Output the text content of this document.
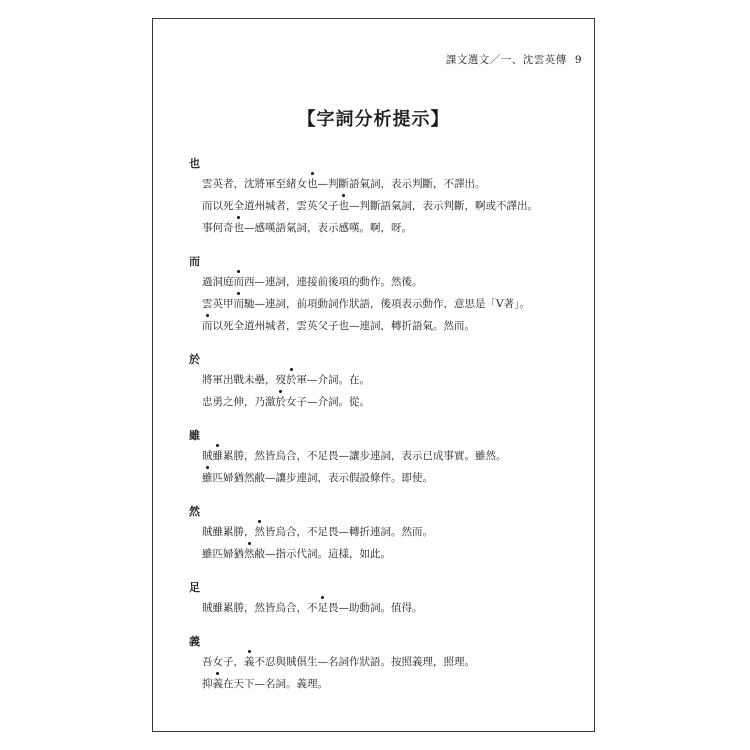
課文選文／一、沈雲英傳 9
【字詞分析提示】
也
雲英者，沈將軍至緒女也—判斷語氣詞，表示判斷，不譯出。
而以死全道州城者，雲英父子也—判斷語氣詞，表示判斷，啊或不譯出。
事何奇也—感嘆語氣詞，表示感嘆。啊，呀。
而
過洞庭而西—連詞，連接前後項的動作。然後。
雲英甲而馳—連詞，前項動詞作狀語，後項表示動作，意思是「V著」。
而以死全道州城者，雲英父子也—連詞，轉折語氣。然而。
於
將軍出戰未壘，歿於軍—介詞。在。
忠勇之伸，乃激於女子—介詞。從。
雖
賊雖累勝，然皆烏合，不足畏—讓步連詞，表示已成事實。雖然。
雖匹婦猶然敝—讓步連詞，表示假設條件。即使。
然
賊雖累勝，然皆烏合，不足畏—轉折連詞。然而。
雖匹婦猶然敝—指示代詞。這樣，如此。
足
賊雖累勝，然皆烏合，不足畏—助動詞。值得。
義
吾女子，義不忍與賊俱生—名詞作狀語。按照義理，照理。
抑義在天下—名詞。義理。
